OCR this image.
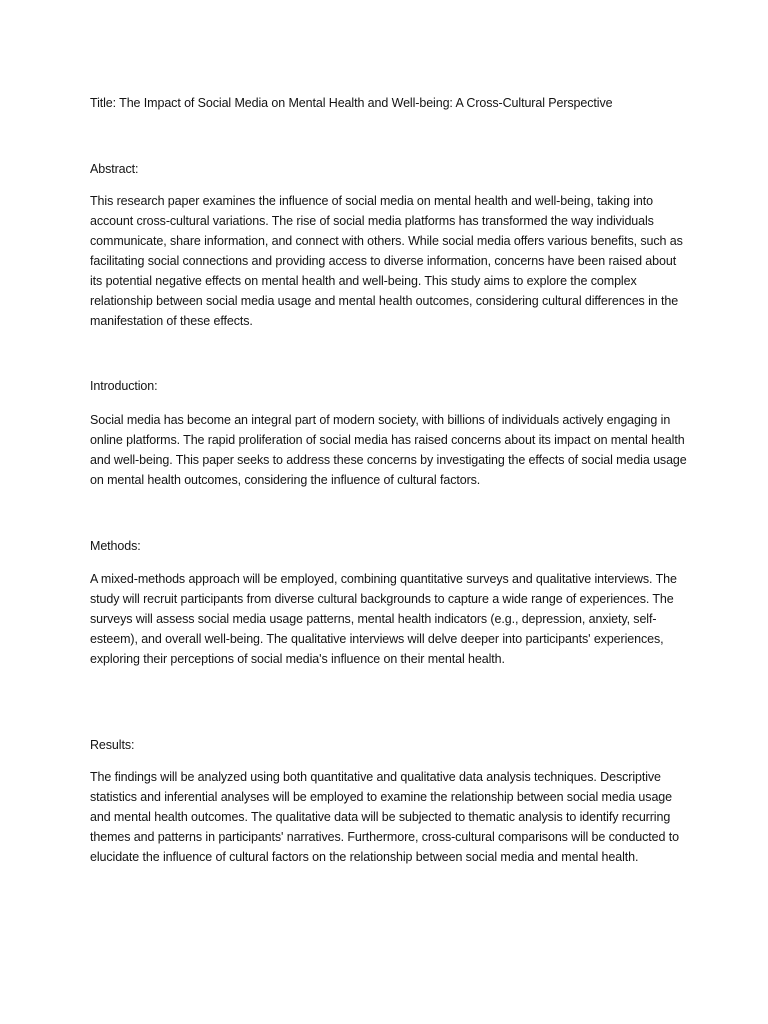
Title: The Impact of Social Media on Mental Health and Well-being: A Cross-Cultural Perspective

Abstract:

This research paper examines the influence of social media on mental health and well-being, taking into account cross-cultural variations. The rise of social media platforms has transformed the way individuals communicate, share information, and connect with others. While social media offers various benefits, such as facilitating social connections and providing access to diverse information, concerns have been raised about its potential negative effects on mental health and well-being. This study aims to explore the complex relationship between social media usage and mental health outcomes, considering cultural differences in the manifestation of these effects.

Introduction:

Social media has become an integral part of modern society, with billions of individuals actively engaging in online platforms. The rapid proliferation of social media has raised concerns about its impact on mental health and well-being. This paper seeks to address these concerns by investigating the effects of social media usage on mental health outcomes, considering the influence of cultural factors.

Methods:

A mixed-methods approach will be employed, combining quantitative surveys and qualitative interviews. The study will recruit participants from diverse cultural backgrounds to capture a wide range of experiences. The surveys will assess social media usage patterns, mental health indicators (e.g., depression, anxiety, self-esteem), and overall well-being. The qualitative interviews will delve deeper into participants' experiences, exploring their perceptions of social media's influence on their mental health.

Results:

The findings will be analyzed using both quantitative and qualitative data analysis techniques. Descriptive statistics and inferential analyses will be employed to examine the relationship between social media usage and mental health outcomes. The qualitative data will be subjected to thematic analysis to identify recurring themes and patterns in participants' narratives. Furthermore, cross-cultural comparisons will be conducted to elucidate the influence of cultural factors on the relationship between social media and mental health.
